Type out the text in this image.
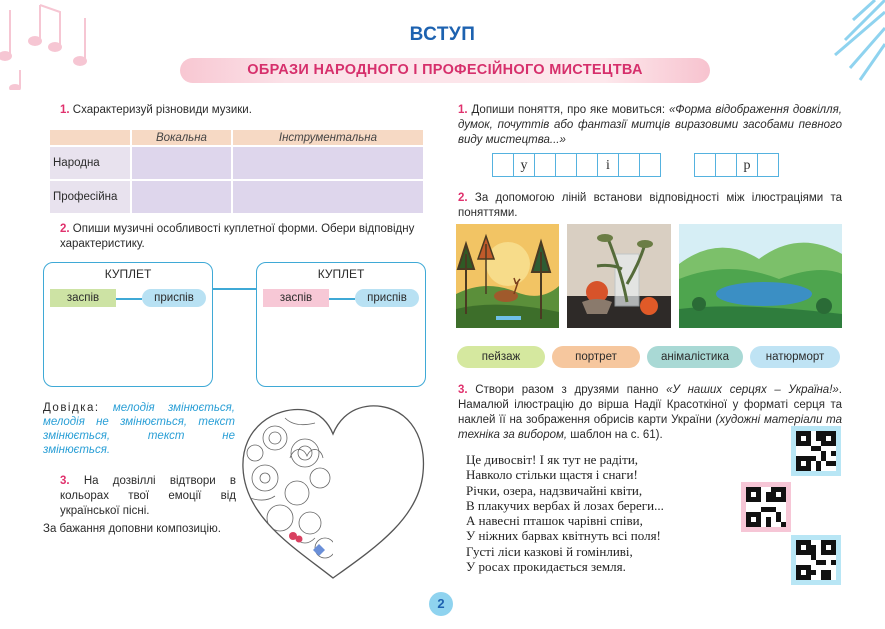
ВСТУП
ОБРАЗИ НАРОДНОГО І ПРОФЕСІЙНОГО МИСТЕЦТВА
1. Схарактеризуй різновиди музики.
	Вокальна	Інструментальна
Народна		
Професійна		
2. Опиши музичні особливості куплетної форми. Обери відповідну характеристику.
КУПЛЕТ
заспів	приспів
КУПЛЕТ
заспів	приспів
Довідка: мелодія змінюється, мелодія не змінюється, текст змінюється, текст не змінюється.
3. На дозвіллі відтвори в кольорах твої емоції від української пісні.
За бажання доповни композицію.
1. Допиши поняття, про яке мовиться: «Форма відображення довкілля, думок, почуттів або фантазії митців виразовими засобами певного виду мистецтва...»
у	і	р
2. За допомогою ліній встанови відповідності між ілюстраціями та поняттями.
пейзаж	портрет	анімалістика	натюрморт
3. Створи разом з друзями панно «У наших серцях – Україна!». Намалюй ілюстрацію до вірша Надії Красоткіної у форматі серця та наклей її на зображення обрисів карти України (художні матеріали та техніка за вибором, шаблон на с. 61).
Це дивосвіт! І як тут не радіти,
Навколо стільки щастя і снаги!
Річки, озера, надзвичайні квіти,
В плакучих вербах й лозах береги...
А навесні пташок чарівні співи,
У ніжних барвах квітнуть всі поля!
Густі ліси казкові й гомінливі,
У росах прокидається земля.
2
